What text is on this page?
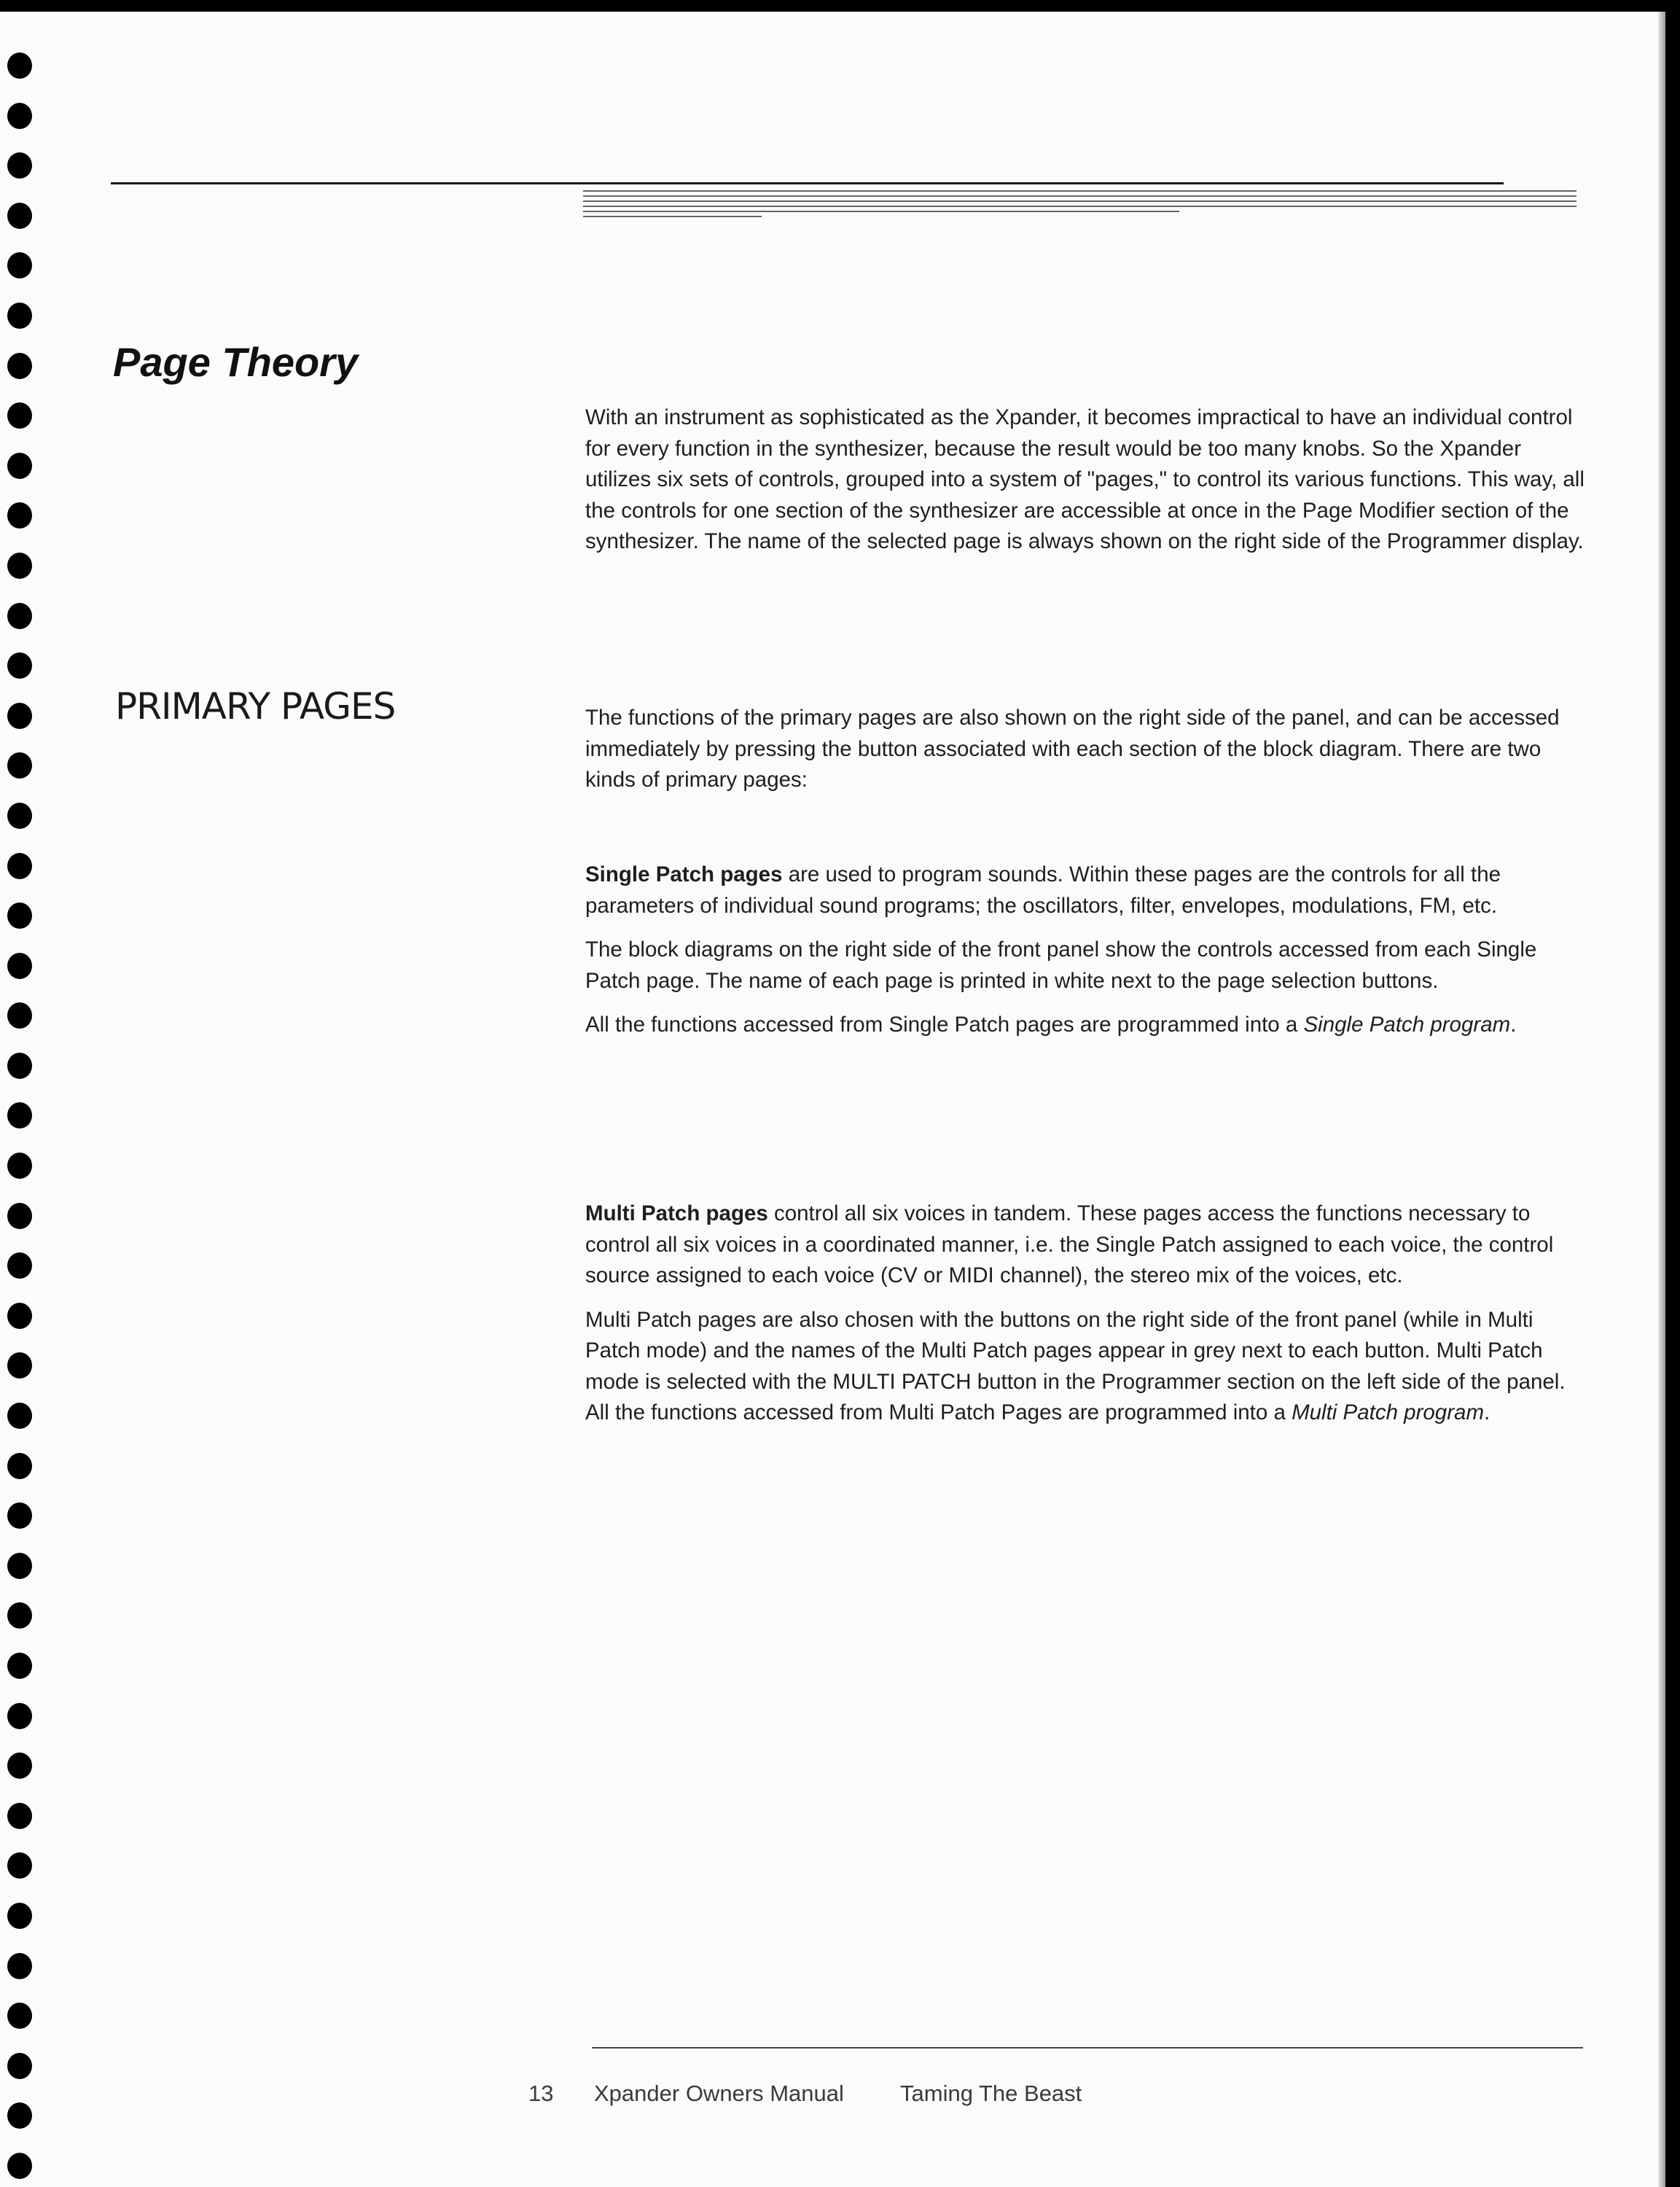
Page Theory

With an instrument as sophisticated as the Xpander, it becomes impractical to have an individual control for every function in the synthesizer, because the result would be too many knobs. So the Xpander utilizes six sets of controls, grouped into a system of "pages," to control its various functions. This way, all the controls for one section of the synthesizer are accessible at once in the Page Modifier section of the synthesizer. The name of the selected page is always shown on the right side of the Programmer display.

PRIMARY PAGES	The functions of the primary pages are also shown on the right side of the panel, and can be accessed immediately by pressing the button associated with each section of the block diagram. There are two kinds of primary pages:

Single Patch pages are used to program sounds. Within these pages are the controls for all the parameters of individual sound programs; the oscillators, filter, envelopes, modulations, FM, etc.

The block diagrams on the right side of the front panel show the controls accessed from each Single Patch page. The name of each page is printed in white next to the page selection buttons.

All the functions accessed from Single Patch pages are programmed into a Single Patch program.

Multi Patch pages control all six voices in tandem. These pages access the functions necessary to control all six voices in a coordinated manner, i.e. the Single Patch assigned to each voice, the control source assigned to each voice (CV or MIDI channel), the stereo mix of the voices, etc.

Multi Patch pages are also chosen with the buttons on the right side of the front panel (while in Multi Patch mode) and the names of the Multi Patch pages appear in grey next to each button. Multi Patch mode is selected with the MULTI PATCH button in the Programmer section on the left side of the panel. All the functions accessed from Multi Patch Pages are programmed into a Multi Patch program.

13 Xpander Owners Manual Taming The Beast
